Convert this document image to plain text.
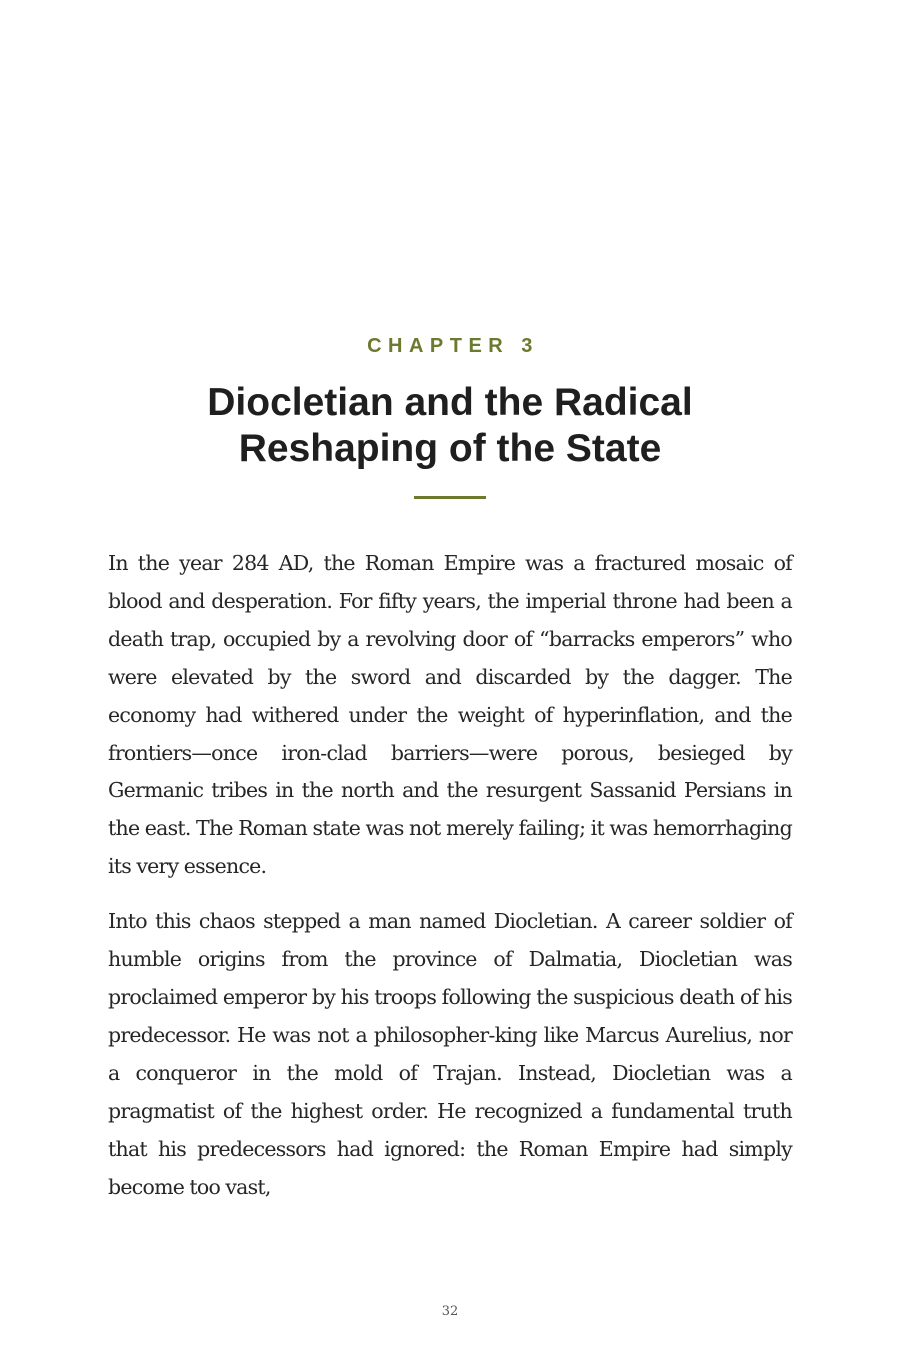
CHAPTER 3
Diocletian and the Radical
Reshaping of the State

In the year 284 AD, the Roman Empire was a fractured mosaic of blood and desperation. For fifty years, the imperial throne had been a death trap, occupied by a revolving door of “barracks emperors” who were elevated by the sword and discarded by the dagger. The economy had withered under the weight of hyperinflation, and the frontiers—once iron-clad barriers—were porous, besieged by Germanic tribes in the north and the resurgent Sassanid Persians in the east. The Roman state was not merely failing; it was hemorrhaging its very essence.

Into this chaos stepped a man named Diocletian. A career soldier of humble origins from the province of Dalmatia, Diocletian was proclaimed emperor by his troops following the suspicious death of his predecessor. He was not a philosopher-king like Marcus Aurelius, nor a conqueror in the mold of Trajan. Instead, Diocletian was a pragmatist of the highest order. He recognized a fundamental truth that his predecessors had ignored: the Roman Empire had simply become too vast,

32
